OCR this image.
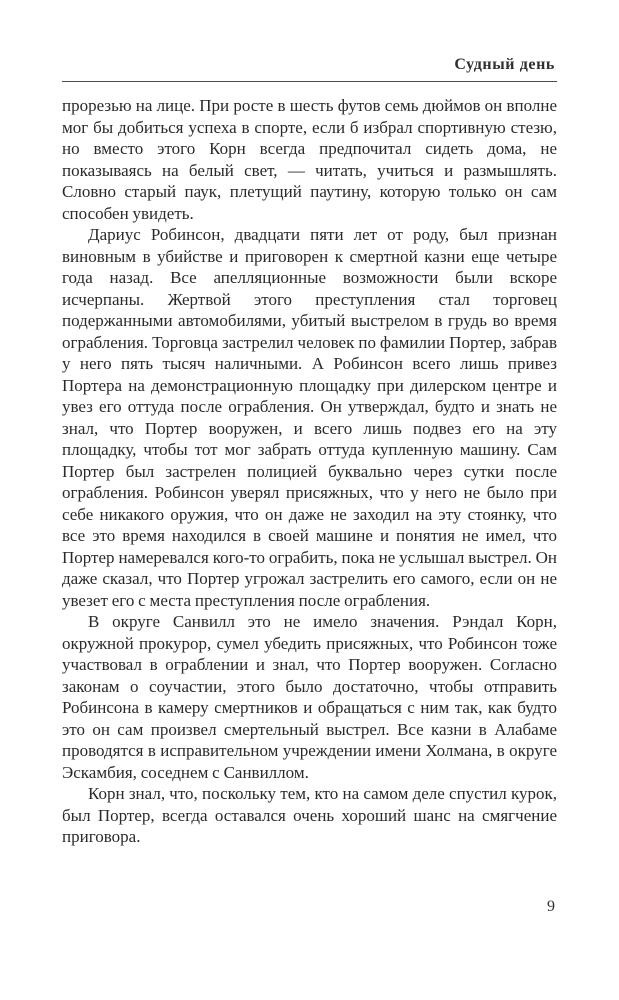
Судный день

прорезью на лице. При росте в шесть футов семь дюймов он вполне мог бы добиться успеха в спорте, если б избрал спортивную стезю, но вместо этого Корн всегда предпочитал сидеть дома, не показываясь на белый свет, — читать, учиться и размышлять. Словно старый паук, плетущий паутину, которую только он сам способен увидеть.

Дариус Робинсон, двадцати пяти лет от роду, был признан виновным в убийстве и приговорен к смертной казни еще четыре года назад. Все апелляционные возможности были вскоре исчерпаны. Жертвой этого преступления стал торговец подержанными автомобилями, убитый выстрелом в грудь во время ограбления. Торговца застрелил человек по фамилии Портер, забрав у него пять тысяч наличными. А Робинсон всего лишь привез Портера на демонстрационную площадку при дилерском центре и увез его оттуда после ограбления. Он утверждал, будто и знать не знал, что Портер вооружен, и всего лишь подвез его на эту площадку, чтобы тот мог забрать оттуда купленную машину. Сам Портер был застрелен полицией буквально через сутки после ограбления. Робинсон уверял присяжных, что у него не было при себе никакого оружия, что он даже не заходил на эту стоянку, что все это время находился в своей машине и понятия не имел, что Портер намеревался кого-то ограбить, пока не услышал выстрел. Он даже сказал, что Портер угрожал застрелить его самого, если он не увезет его с места преступления после ограбления.

В округе Санвилл это не имело значения. Рэндал Корн, окружной прокурор, сумел убедить присяжных, что Робинсон тоже участвовал в ограблении и знал, что Портер вооружен. Согласно законам о соучастии, этого было достаточно, чтобы отправить Робинсона в камеру смертников и обращаться с ним так, как будто это он сам произвел смертельный выстрел. Все казни в Алабаме проводятся в исправительном учреждении имени Холмана, в округе Эскамбия, соседнем с Санвиллом.

Корн знал, что, поскольку тем, кто на самом деле спустил курок, был Портер, всегда оставался очень хороший шанс на смягчение приговора.

9
